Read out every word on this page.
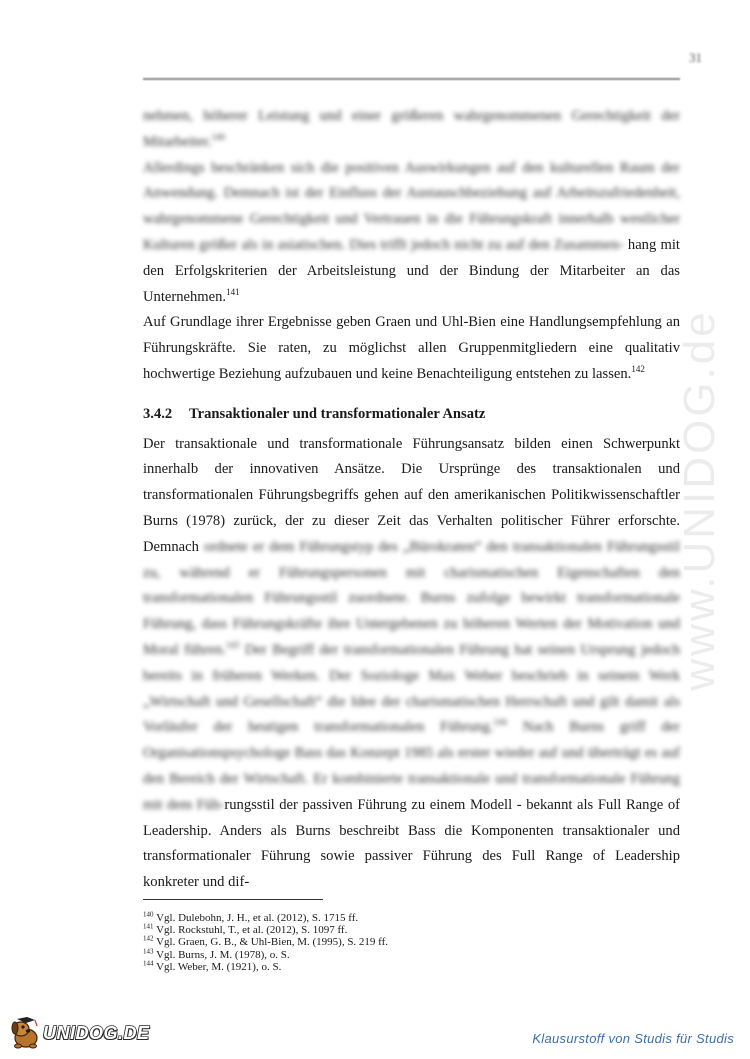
31
www.UNIDOG.de

nehmen, höherer Leistung und einer größeren wahrgenommenen Gerechtigkeit der Mitarbeiter.$^{140}$

Allerdings beschränken sich die positiven Auswirkungen auf den kulturellen Raum der Anwendung. Demnach ist der Einfluss der Austauschbeziehung auf Arbeitszufriedenheit, wahrgenommene Gerechtigkeit und Vertrauen in die Führungskraft innerhalb westlicher Kulturen größer als in asiatischen. Dies trifft jedoch nicht zu auf den Zusammen- hang mit den Erfolgskriterien der Arbeitsleistung und der Bindung der Mitarbeiter an das Unternehmen.$^{141}$

Auf Grundlage ihrer Ergebnisse geben Graen und Uhl-Bien eine Handlungsempfehlung an Führungskräfte. Sie raten, zu möglichst allen Gruppenmitgliedern eine qualitativ hochwertige Beziehung aufzubauen und keine Benachteiligung entstehen zu lassen.$^{142}$

3.4.2 Transaktionaler und transformationaler Ansatz

Der transaktionale und transformationale Führungsansatz bilden einen Schwerpunkt innerhalb der innovativen Ansätze. Die Ursprünge des transaktionalen und transformationalen Führungsbegriffs gehen auf den amerikanischen Politikwissenschaftler Burns (1978) zurück, der zu dieser Zeit das Verhalten politischer Führer erforschte. Demnach ordnete er dem Führungstyp des „Bürokraten“ den transaktionalen Führungsstil zu, während er Führungspersonen mit charismatischen Eigenschaften den transformationalen Führungsstil zuordnete. Burns zufolge bewirkt transformationale Führung, dass Führungskräfte ihre Untergebenen zu höheren Werten der Motivation und Moral führen.$^{143}$ Der Begriff der transformationalen Führung hat seinen Ursprung jedoch bereits in früheren Werken. Der Soziologe Max Weber beschrieb in seinem Werk „Wirtschaft und Gesellschaft“ die Idee der charismatischen Herrschaft und gilt damit als Vorläufer der heutigen transformationalen Führung.$^{144}$ Nach Burns griff der Organisationspsychologe Bass das Konzept 1985 als erster wieder auf und überträgt es auf den Bereich der Wirtschaft. Er kombinierte transaktionale und transformationale Führung mit dem Füh-rungsstil der passiven Führung zu einem Modell - bekannt als Full Range of Leadership. Anders als Burns beschreibt Bass die Komponenten transaktionaler und transformationaler Führung sowie passiver Führung des Full Range of Leadership konkreter und dif-

$^{140}$ Vgl. Dulebohn, J. H., et al. (2012), S. 1715 ff.
$^{141}$ Vgl. Rockstuhl, T., et al. (2012), S. 1097 ff.
$^{142}$ Vgl. Graen, G. B., & Uhl-Bien, M. (1995), S. 219 ff.
$^{143}$ Vgl. Burns, J. M. (1978), o. S.
$^{144}$ Vgl. Weber, M. (1921), o. S.
UNIDOG.DE	Klausurstoff von Studis für Studis
